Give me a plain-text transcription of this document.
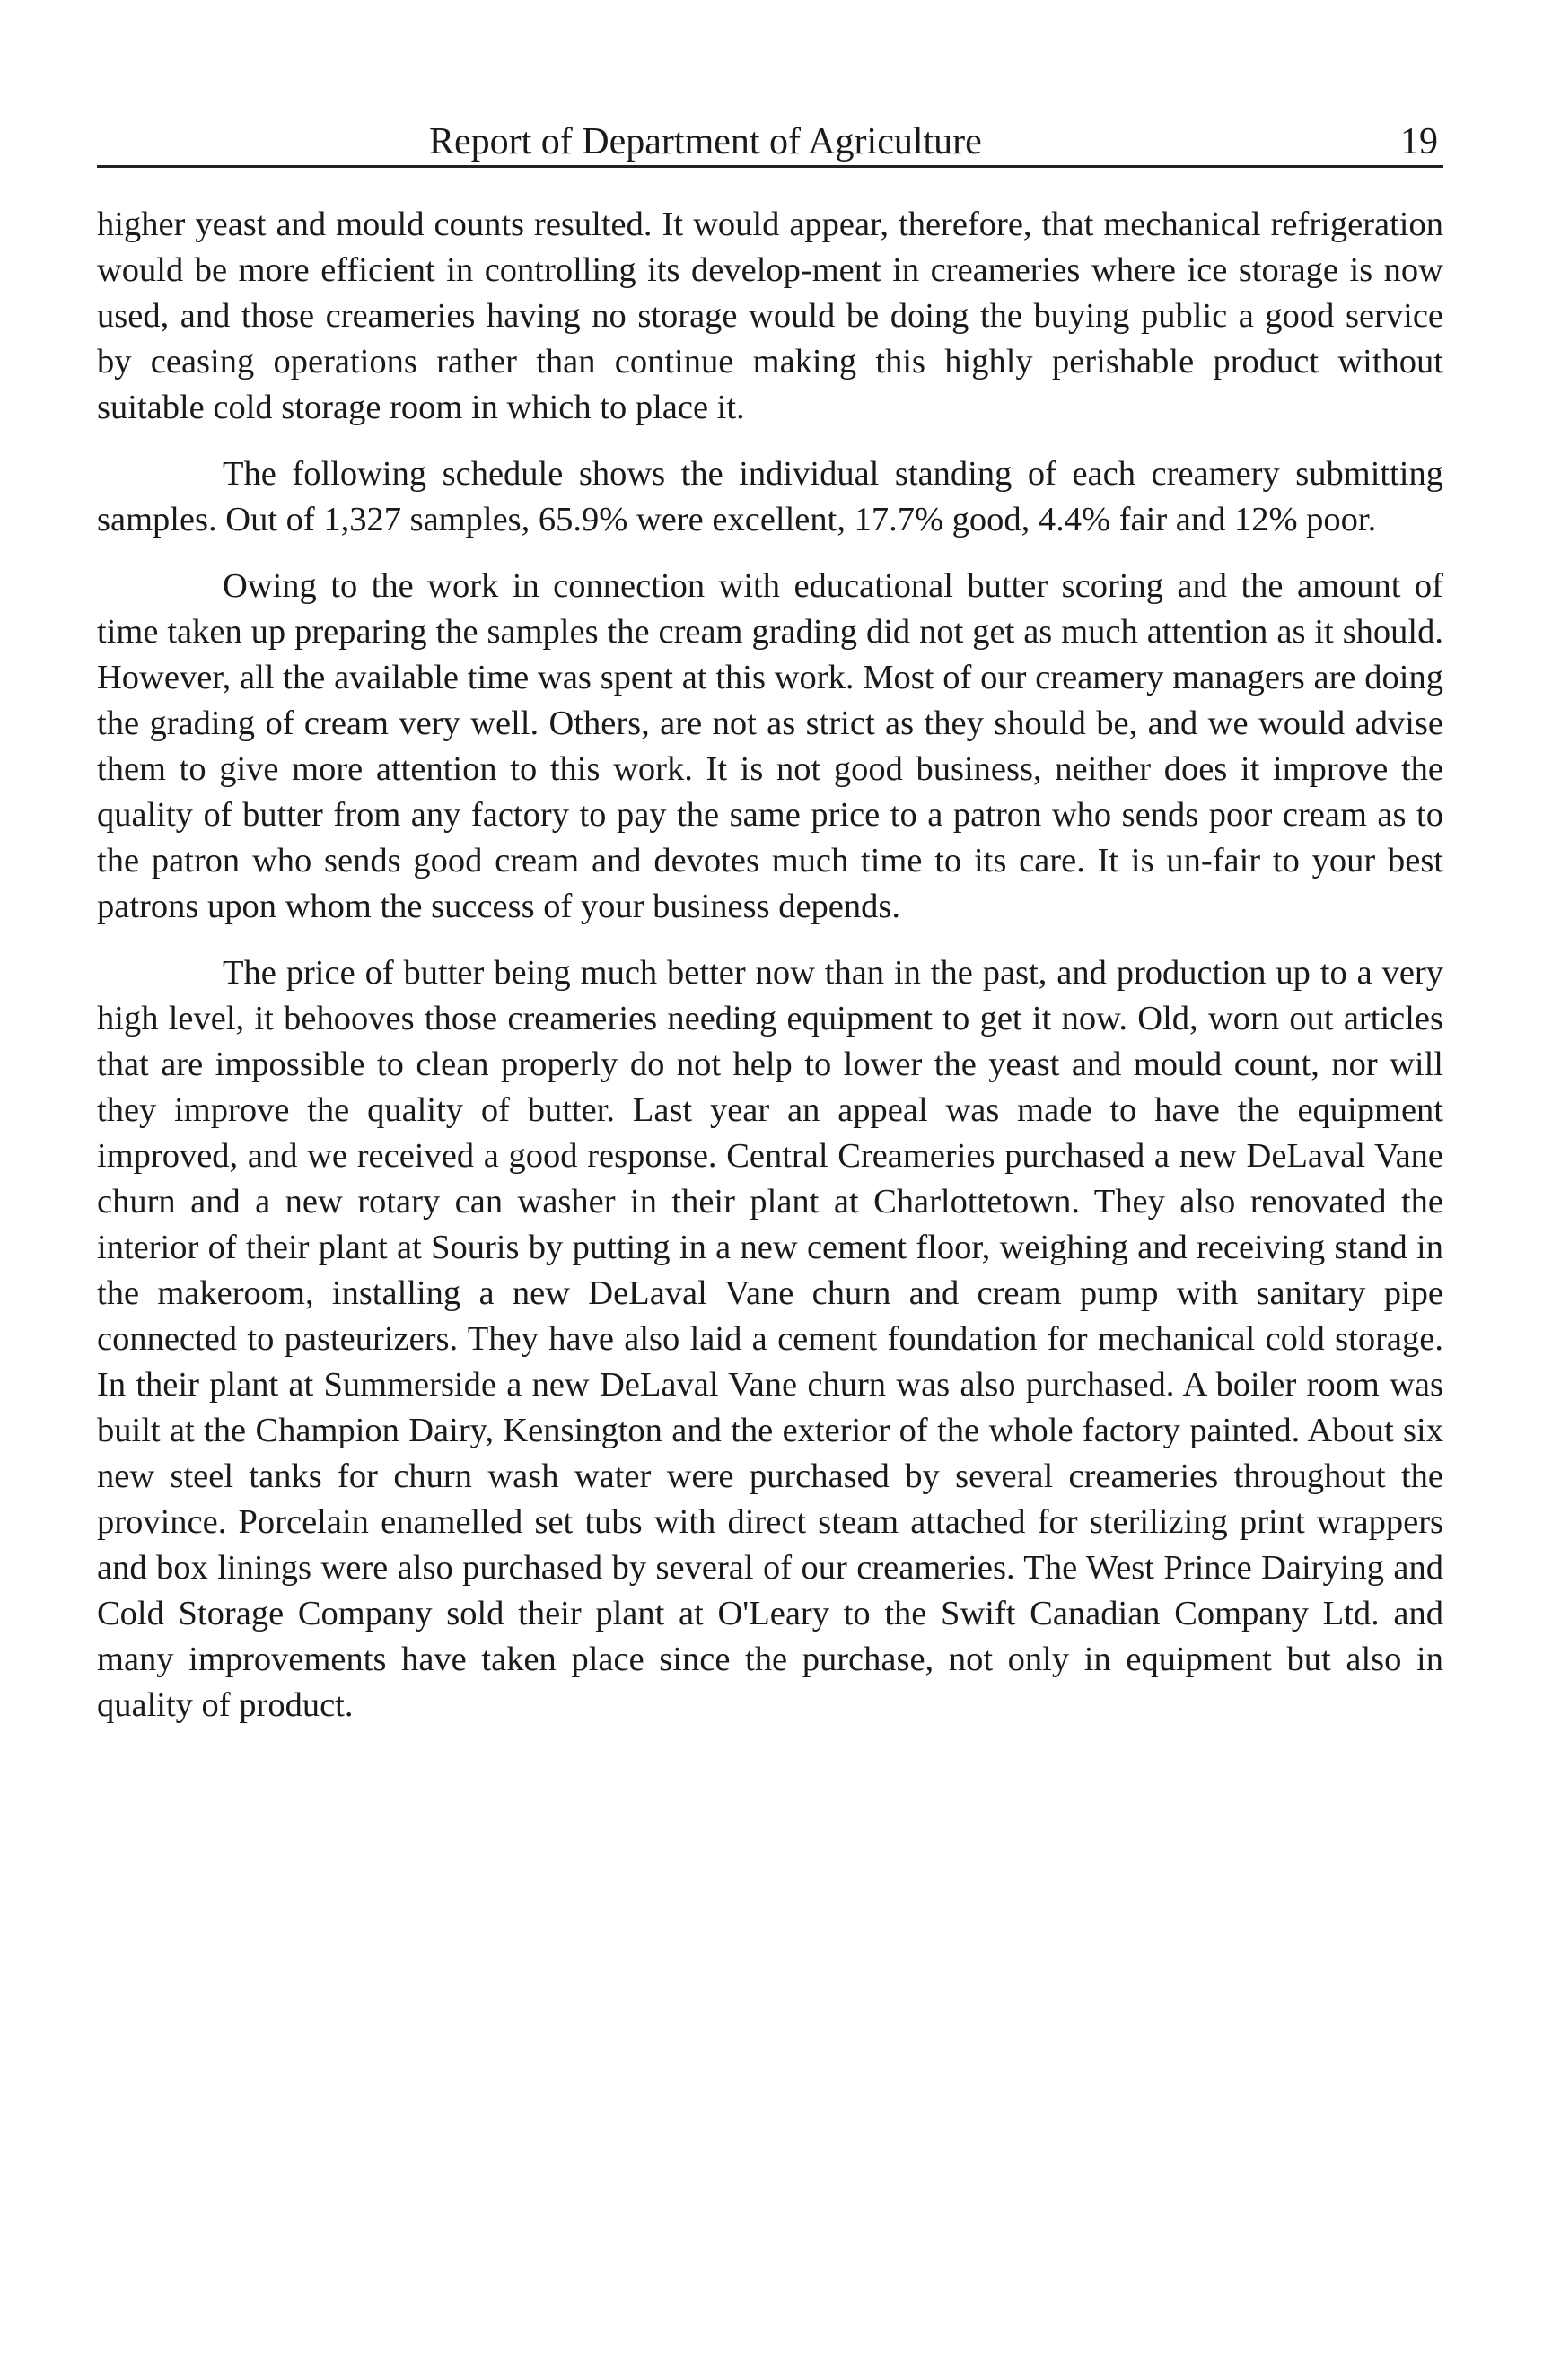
Report of Department of Agriculture	19

higher yeast and mould counts resulted. It would appear, therefore, that mechanical refrigeration would be more efficient in controlling its develop-ment in creameries where ice storage is now used, and those creameries having no storage would be doing the buying public a good service by ceasing operations rather than continue making this highly perishable product without suitable cold storage room in which to place it.

The following schedule shows the individual standing of each creamery submitting samples. Out of 1,327 samples, 65.9% were excellent, 17.7% good, 4.4% fair and 12% poor.

Owing to the work in connection with educational butter scoring and the amount of time taken up preparing the samples the cream grading did not get as much attention as it should. However, all the available time was spent at this work. Most of our creamery managers are doing the grading of cream very well. Others, are not as strict as they should be, and we would advise them to give more attention to this work. It is not good business, neither does it improve the quality of butter from any factory to pay the same price to a patron who sends poor cream as to the patron who sends good cream and devotes much time to its care. It is un-fair to your best patrons upon whom the success of your business depends.

The price of butter being much better now than in the past, and production up to a very high level, it behooves those creameries needing equipment to get it now. Old, worn out articles that are impossible to clean properly do not help to lower the yeast and mould count, nor will they improve the quality of butter. Last year an appeal was made to have the equipment improved, and we received a good response. Central Creameries purchased a new DeLaval Vane churn and a new rotary can washer in their plant at Charlottetown. They also renovated the interior of their plant at Souris by putting in a new cement floor, weighing and receiving stand in the makeroom, installing a new DeLaval Vane churn and cream pump with sanitary pipe connected to pasteurizers. They have also laid a cement foundation for mechanical cold storage. In their plant at Summerside a new DeLaval Vane churn was also purchased. A boiler room was built at the Champion Dairy, Kensington and the exterior of the whole factory painted. About six new steel tanks for churn wash water were purchased by several creameries throughout the province. Porcelain enamelled set tubs with direct steam attached for sterilizing print wrappers and box linings were also purchased by several of our creameries. The West Prince Dairying and Cold Storage Company sold their plant at O'Leary to the Swift Canadian Company Ltd. and many improvements have taken place since the purchase, not only in equipment but also in quality of product.
